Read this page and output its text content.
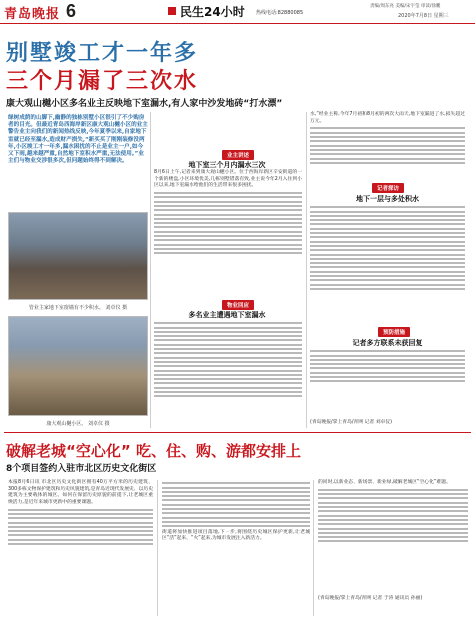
青岛晚报 6	民生24小时 热线电话:82880085
责编/周东亮 美编/宋宇莹 审读/徐鹏
2020年7月8日 星期三
别墅竣工才一年多
三个月漏了三次水
康大观山樾小区多名业主反映地下室漏水,有人家中沙发地砖“打水漂”
绿树成荫的山脚下,幽静的独栋别墅小区很引了不少购房者的目光。但最近青岛西海岸新区康大观山樾小区的业主警告业主向我们的新闻热线反映,今年夏季以来,自家地下室就已经至漏水,造成财产损失,“新买买了刚刚装修没两年,小区竣工才一年多,漏水困扰的不止是业主一户,如今又下雨,越来越严重,自然地下室积水严重,无法使用。”业主们与物业交涉很多次,但问题始终得不到解决。
管业主家地下室窗墙有不少积水。 刘卓仪 摄
康大观山樾小区。 刘卓仪 摄
水,“经业主称,今年7月初和8月初的两次大雨天,地下室漏进了水,损失超过万元。
业主讲述
地下室三个月内漏水三次
8月6日上午,记者来到康大观山樾小区。位于西海岸新区辛安街道的一个新的楼盘,小区环境优美,几栋别墅错落有致,业主说今年2月入住到小区以来,地下室漏水给他们的生活带来很多困扰。
物业回应
多名业主遭遇地下室漏水
记者探访
地下一层与多处积水
预防措施
记者多方联系未获回复
(青岛晚报/掌上青岛/青网 记者 刘卓仪)
破解老城“空心化” 吃、住、购、游都安排上
8个项目签约入驻市北区历史文化街区
本报8月6日讯 市北区历史文化街区拥有40万平方米的历史建筑、300多栋文物保护建筑和历史风貌建筑,是青岛近现代发展史、以历史建筑为主要载体的城区。如何在保留历史原貌的前提下,让老城区重焕活力,是近年来城市更新中的重要课题。
街道将加快推进项目落地,下一步,将围绕历史城区保护更新,让老城区“活”起来、“火”起来,为城市发展注入新活力。
的同时,以新业态、新场景、新业绿,破解老城区“空心化”难题。
(青岛晚报/掌上青岛/青网 记者 于涛 通讯员 孙丽)
